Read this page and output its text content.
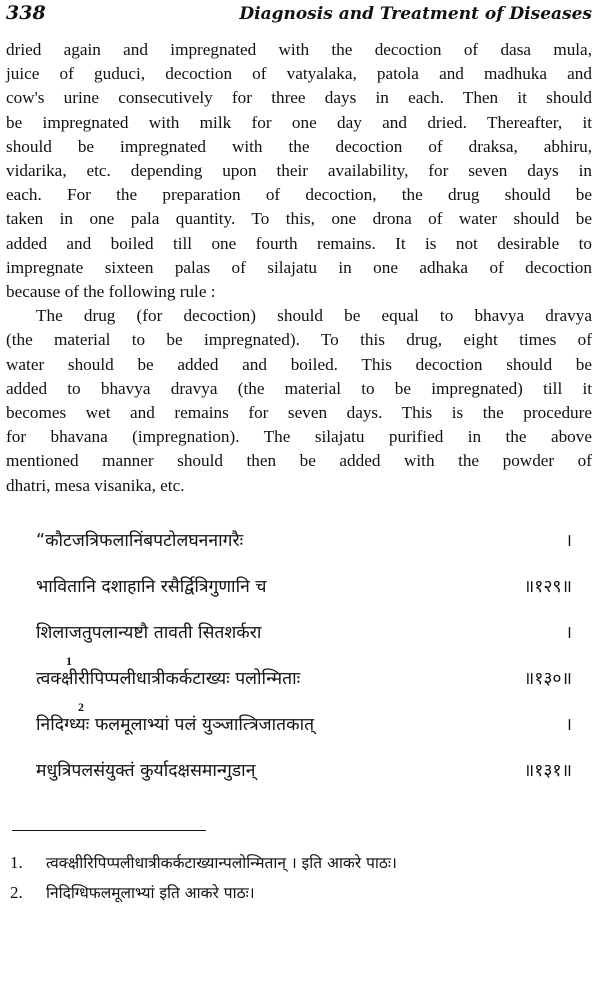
338	Diagnosis and Treatment of Diseases
dried again and impregnated with the decoction of dasa mula,
juice of guduci, decoction of vatyalaka, patola and madhuka and
cow's urine consecutively for three days in each. Then it should
be impregnated with milk for one day and dried. Thereafter, it
should be impregnated with the decoction of draksa, abhiru,
vidarika, etc. depending upon their availability, for seven days in
each. For the preparation of decoction, the drug should be
taken in one pala quantity. To this, one drona of water should be
added and boiled till one fourth remains. It is not desirable to
impregnate sixteen palas of silajatu in one adhaka of decoction
because of the following rule :
The drug (for decoction) should be equal to bhavya dravya
(the material to be impregnated). To this drug, eight times of
water should be added and boiled. This decoction should be
added to bhavya dravya (the material to be impregnated) till it
becomes wet and remains for seven days. This is the procedure
for bhavana (impregnation). The silajatu purified in the above
mentioned manner should then be added with the powder of
dhatri, mesa visanika, etc.
“कौटजत्रिफलानिंबपटोलघननागरैः	।
भावितानि दशाहानि रसैर्द्वित्रिगुणानि च	॥१२९॥
शिलाजतुपलान्यष्टौ तावती सितशर्करा	।
1
त्वक्क्षीरीपिप्पलीधात्रीकर्कटाख्यः पलोन्मिताः	॥१३०॥
2
निदिग्ध्यः फलमूलाभ्यां पलं युञ्जात्त्रिजातकात्	।
मधुत्रिपलसंयुक्तं कुर्यादक्षसमान्गुडान्	॥१३१॥
1.	त्वक्क्षीरिपिप्पलीधात्रीकर्कटाख्यान्पलोन्मितान् । इति आकरे पाठः।
2.	निदिग्धिफलमूलाभ्यां इति आकरे पाठः।
